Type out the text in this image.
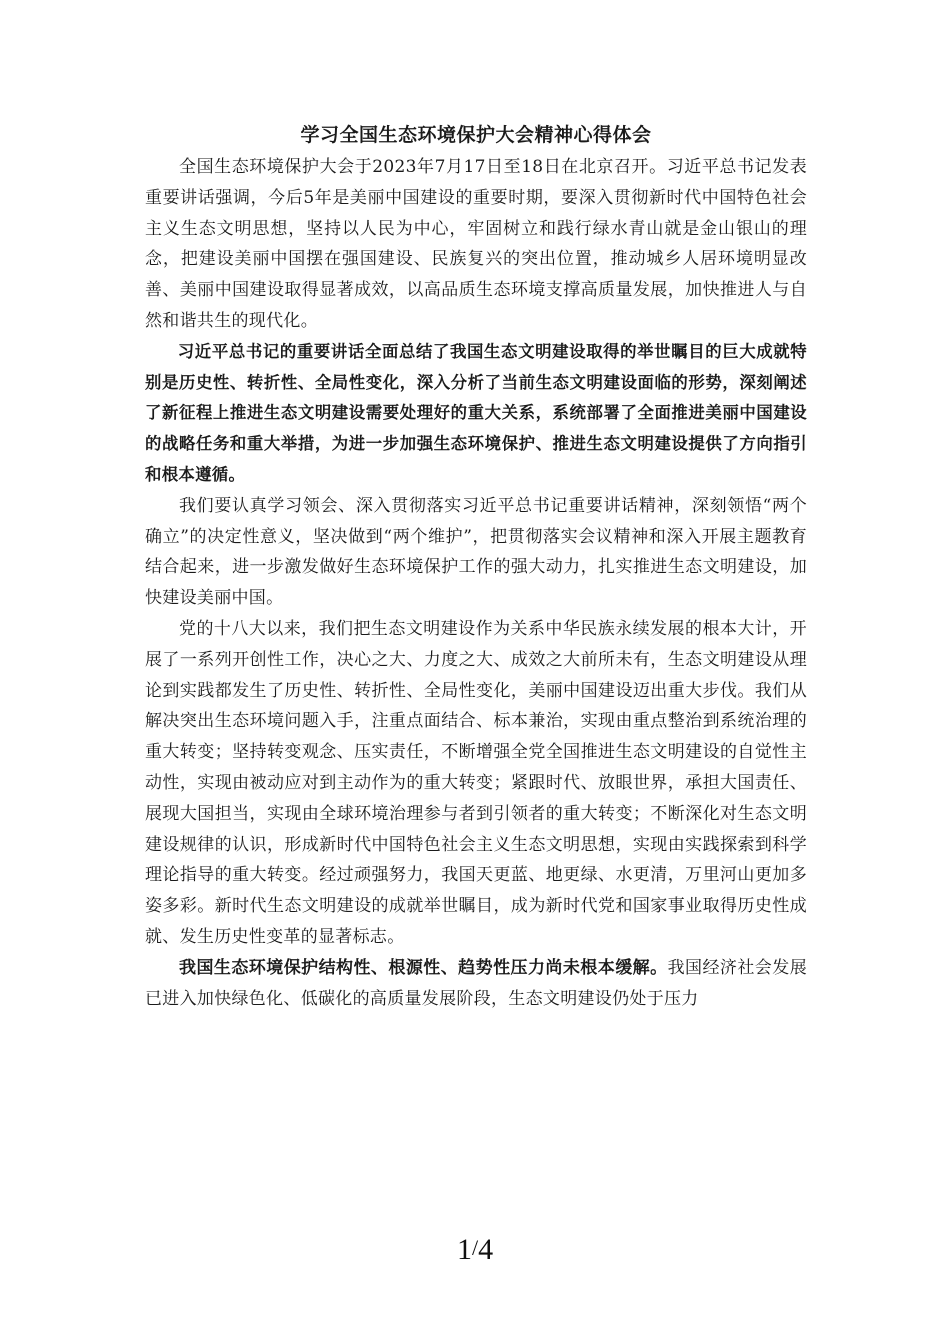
学习全国生态环境保护大会精神心得体会

全国生态环境保护大会于2023年7月17日至18日在北京召开。习近平总书记发表重要讲话强调，今后5年是美丽中国建设的重要时期，要深入贯彻新时代中国特色社会主义生态文明思想，坚持以人民为中心，牢固树立和践行绿水青山就是金山银山的理念，把建设美丽中国摆在强国建设、民族复兴的突出位置，推动城乡人居环境明显改善、美丽中国建设取得显著成效，以高品质生态环境支撑高质量发展，加快推进人与自然和谐共生的现代化。

习近平总书记的重要讲话全面总结了我国生态文明建设取得的举世瞩目的巨大成就特别是历史性、转折性、全局性变化，深入分析了当前生态文明建设面临的形势，深刻阐述了新征程上推进生态文明建设需要处理好的重大关系，系统部署了全面推进美丽中国建设的战略任务和重大举措，为进一步加强生态环境保护、推进生态文明建设提供了方向指引和根本遵循。

我们要认真学习领会、深入贯彻落实习近平总书记重要讲话精神，深刻领悟“两个确立”的决定性意义，坚决做到“两个维护”，把贯彻落实会议精神和深入开展主题教育结合起来，进一步激发做好生态环境保护工作的强大动力，扎实推进生态文明建设，加快建设美丽中国。

党的十八大以来，我们把生态文明建设作为关系中华民族永续发展的根本大计，开展了一系列开创性工作，决心之大、力度之大、成效之大前所未有，生态文明建设从理论到实践都发生了历史性、转折性、全局性变化，美丽中国建设迈出重大步伐。我们从解决突出生态环境问题入手，注重点面结合、标本兼治，实现由重点整治到系统治理的重大转变；坚持转变观念、压实责任，不断增强全党全国推进生态文明建设的自觉性主动性，实现由被动应对到主动作为的重大转变；紧跟时代、放眼世界，承担大国责任、展现大国担当，实现由全球环境治理参与者到引领者的重大转变；不断深化对生态文明建设规律的认识，形成新时代中国特色社会主义生态文明思想，实现由实践探索到科学理论指导的重大转变。经过顽强努力，我国天更蓝、地更绿、水更清，万里河山更加多姿多彩。新时代生态文明建设的成就举世瞩目，成为新时代党和国家事业取得历史性成就、发生历史性变革的显著标志。

我国生态环境保护结构性、根源性、趋势性压力尚未根本缓解。我国经济社会发展已进入加快绿色化、低碳化的高质量发展阶段，生态文明建设仍处于压力

1/4
